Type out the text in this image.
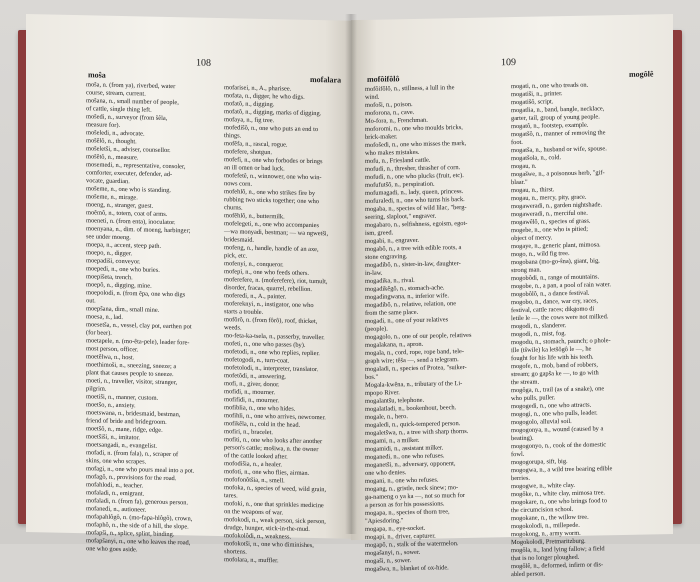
108
moŝa	mofalara
moŝa, n. (from ya), riverbed, water
course, stream, current.
moŝana, n., small number of people,
of cattle, single thing left.
moŝedi, n., surveyor (from ŝêla,
measure for).
moŝeledi, n., advocate.
moŝêlô, n., thought.
moŝeletši, n., adviser, counsellor.
moŝêtô, n., measure.
mosemedi, n., representative, consoler,
comforter, executer, defender, ad-
vocate, guardian.
moŝeme, n., one who is standing.
moŝeme, n., mirage.
moeng, n., stranger, guest.
moêmô, n., totem, coat of arms.
moeneti, n. (from enta), inoculator.
moenyana, n., dim. of moeng, harbinger;
see under moeng.
moepa, n., accent, steep path.
moepo, n., digger.
moepadiši, conveyor.
moepedi, n., one who buries.
moepišeta, trench.
moepô, n., digging, mine.
moepolodi, n. (from êpa, one who digs
out.
moepšana, dim., small mine.
moesa, n., lad.
moesetša, n., vessel, clay pot, earthen pot
(for beer).
moetapele, n. (mo-êta-pele), leader fore-
most person, officer.
moetêlwa, n., host.
moethimoši, n., sneezing, sneeze; a
plant that causes people to sneeze.
moeti, n., traveller, visitor, stranger,
pilgrim.
moetiši, n., manner, custom.
moetšo, n., anxiety.
moetswana, n., bridesmaid, bestman,
friend of bride and bridegroom.
moetšô, n., mane, ridge, edge.
moetšiši, n., imitator.
moetsangadi, n., evangelist.
mofadi, n. (from fala), n., scraper of
skins, one who scrapes.
mofagi, n., one who pours meal into a pot.
mofagô, n., provisions for the road.
mofahlodi, n., teacher.
mofaladi, n., emigrant.
mofaladi, n. (from fa), generous person.
mofanedi, n., autioneer.
mofapahlôgô, n. (mo-fapa-hlôgô), crown,
mofaphô, n., the side of a hill, the slope.
mofapši, n., splice, splint, binding.
mofapšanyi, n., one who leaves the road,
one who goes aside.
mofarisei, n., A., pharisee.
mofata, n., digger, he who digs.
mofatô, n., digging.
mofatô, n., digging, marks of digging.
mofaya, n., fig tree.
mofedišô, n., one who puts an end to
things.
mofêfa, n., rascal, rogue.
mofefere, shotgun.
mofefi, n., one who forbodes or brings
an ill omen or bad luck.
mofefetê, n., winnower, one who win-
nows corn.
mofehlô, n., one who strikes fire by
rubbing two sticks together; one who
churns.
mofêhlô, n., buttermilk.
mofelegeti, n., one who accompanies
—wa monyadi, bestman; — wa ngwetši,
bridesmaid.
mofeng, n., handle, handle of an axe,
pick, etc.
mofenyi, n., conqueror.
mofepi, n., one who feeds others.
moferefere, n. (moferefere), riot, tumult,
disorder, fracas, quarrel, rebellion.
moferedi, n., A., painter.
mofereknyi, n., instigator, one who
starts a trouble.
mofôrô, n. (from fôrô), roof, thicket,
weeds.
mo-feta-ka-tsela, n., passerby, traveller.
mofeti, n., one who passes (by).
mofetodi, n., one who replies, replier.
mofetogodi, n., turn-coat.
mofetolodi, n., interpreter, translator.
mofetôdi, n., answering.
mofi, n., giver, donor.
mofidi, n., mourner.
mofifidi, n., mourner.
mofiblia, n., one who hides.
mofihli, n., one who arrives, newcomer.
mofikêla, n., cold in the head.
mofiri, n., bracelet.
mofiti, n., one who looks after another
person's cattle; mošiwa, n. the owner
of the cattle looked after.
mofodišia, n., a healer.
mofoti, n., one who flies, airman.
mofofonôtšia, n., smell.
mofoka, n., species of weed, wild grain,
tares.
mofoki, n., one that sprinkles medicine
on the weapons of war.
mofokodi, n., weak person, sick person,
drudge, hunger, stick-in-the-mud.
mofokolôdi, n., weakness.
mofokotši, n., one who diminishes,
shortens.
mofolara, n., muffler.
109
mofôifôlô
mogôlê
mofôifôlô, n., stillness, a lull in the
wind.
mofoši, n., poison.
moforona, n., cave.
Mo-fora, n., Frenchman.
moforomi, n., one who moulds bricks,
brick-maker.
mofošedi, n., one who misses the mark,
who makes mistakes.
mofu, n., Friesland cattle.
mofudi, n., thresher, thrasher of corn.
mofudi, n., one who plucks (fruit, etc).
mofufutšô, n., perspiration.
mofumagadi, n., lady, queen, princess.
mofuraledi, n., one who turns his back.
mogaba, n., species of wild lilac, "berg-
seering, slaploot," engraver.
mogabaro, n., selfishness, egoism, egot-
ism, greed.
mogabi, n., engraver.
mogabô, n., a tree with edible roots, a
stone engraving.
mogadibô, n., sister-in-law, daughter-
in-law.
mogadika, n., rival.
mogadikêgô, n., stomach-ache.
mogadingwana, n., inferior wife.
mogadibô, n., relative, relation, one
from the same place.
mogadi, n., one of your relatives
(people).
mogagolo, n., one of our people, relatives
mogalakana, n., apron.
mogala, n., cord, rope, rope band, tele-
graph wire; têša —, send a telegram.
mogaladi, n., species of Protea, "suiker-
bos."
Mogala-kwêna, n., tributary of the Li-
mpopo River.
mogalantšu, telephone.
mogalatladi, n., bookenhout, beech.
mogale, n., hero.
mogaledi, n., quick-tempered person.
mogaletšwa, n., a tree with sharp thorns.
mogami, n., a milker.
mogamidi, n., assistant milker.
moganedi, n., one who refuses.
moganetši, n., adversary, opponent,
one who denies.
mogani, n., one who refuses.
mogang, n., gristle, neck sinew; mo-
ga-nameng o ya ka —, not so much for
a person as for his possessions.
mogapa, n., species of thorn tree,
"Apiesdoring."
mogapa, n., eye-socket.
mogapi, n., driver, capturer.
mogapô, n., stalk of the watermelon.
mogašanyi, n., sower.
mogaši, n., sower.
mogašwa, n., blanket of ox-hide.
mogati, n., one who treads on.
mogatiši, n., printer.
mogatišô, script.
mogatlia, n., band, bangle, necklace,
garter, tail, group of young people.
mogatô, n., footstep, example.
mogatšô, n., manner of removing the
foot.
mogatša, n., husband or wife, spouse.
mogatšola, n., cold.
mogau, n.
mogašwe, n., a poisonous herb, "gif-
blaar."
mogau, n., thirst.
mogau, n., mercy, pity, grace.
mogaweradi, n., garden nightshade.
mogaweradi, n., merciful one.
mogawêlô, n., species of grass.
mogebe, n., one who is pitied;
object of mercy.
mogaye, n., generic plant, mimosa.
mogo, n., wild fig tree.
mogobana (mo-go-ŝna), giant, big,
strong man.
mogobôdi, n., range of mountains.
mogobe, n., a pan, a pool of rain water.
mogobôlô, n., a dance festival.
mogobo, n., dance, war cry, races,
festival, cattle races; dikgomo di
letile le —, the cows were not milked.
mogodi, n., slanderer.
mogodi, n., mist, fog.
mogodu, n., stomach, paunch; o phole-
ille (tšwile) ka letšôgô le —, he
fought for his life with his teeth.
mogofe, n., mob, band of robbers,
stream; go gapša ke —, to go with
the stream.
mogôga, n., trail (as of a snake), one
who pulls, puller.
mogogedi, n., one who attracts.
mogogi, n., one who pulls, leader.
mogogolo, alluvial soil.
mogogonya, n., wound (caused by a
beating).
mogogonyo, n., cook of the domestic
fowl.
mogogorupa, sift, big.
mogogwa, n., a wild tree bearing edible
berries.
mogogwe, n., white clay.
mogôke, n., white clay, mimosa tree.
mogokare, n., one who brings food to
the circumcision school.
mogokane, n., the willow tree.
mogokolodi, n., millepede.
mogokong, n., army worm.
Mogokolodi, Pretmaritzburg.
mogôla, n., land lying fallow; a field
that is no longer ploughed.
mogôlê, n., deformed, infirm or dis-
abled person.
